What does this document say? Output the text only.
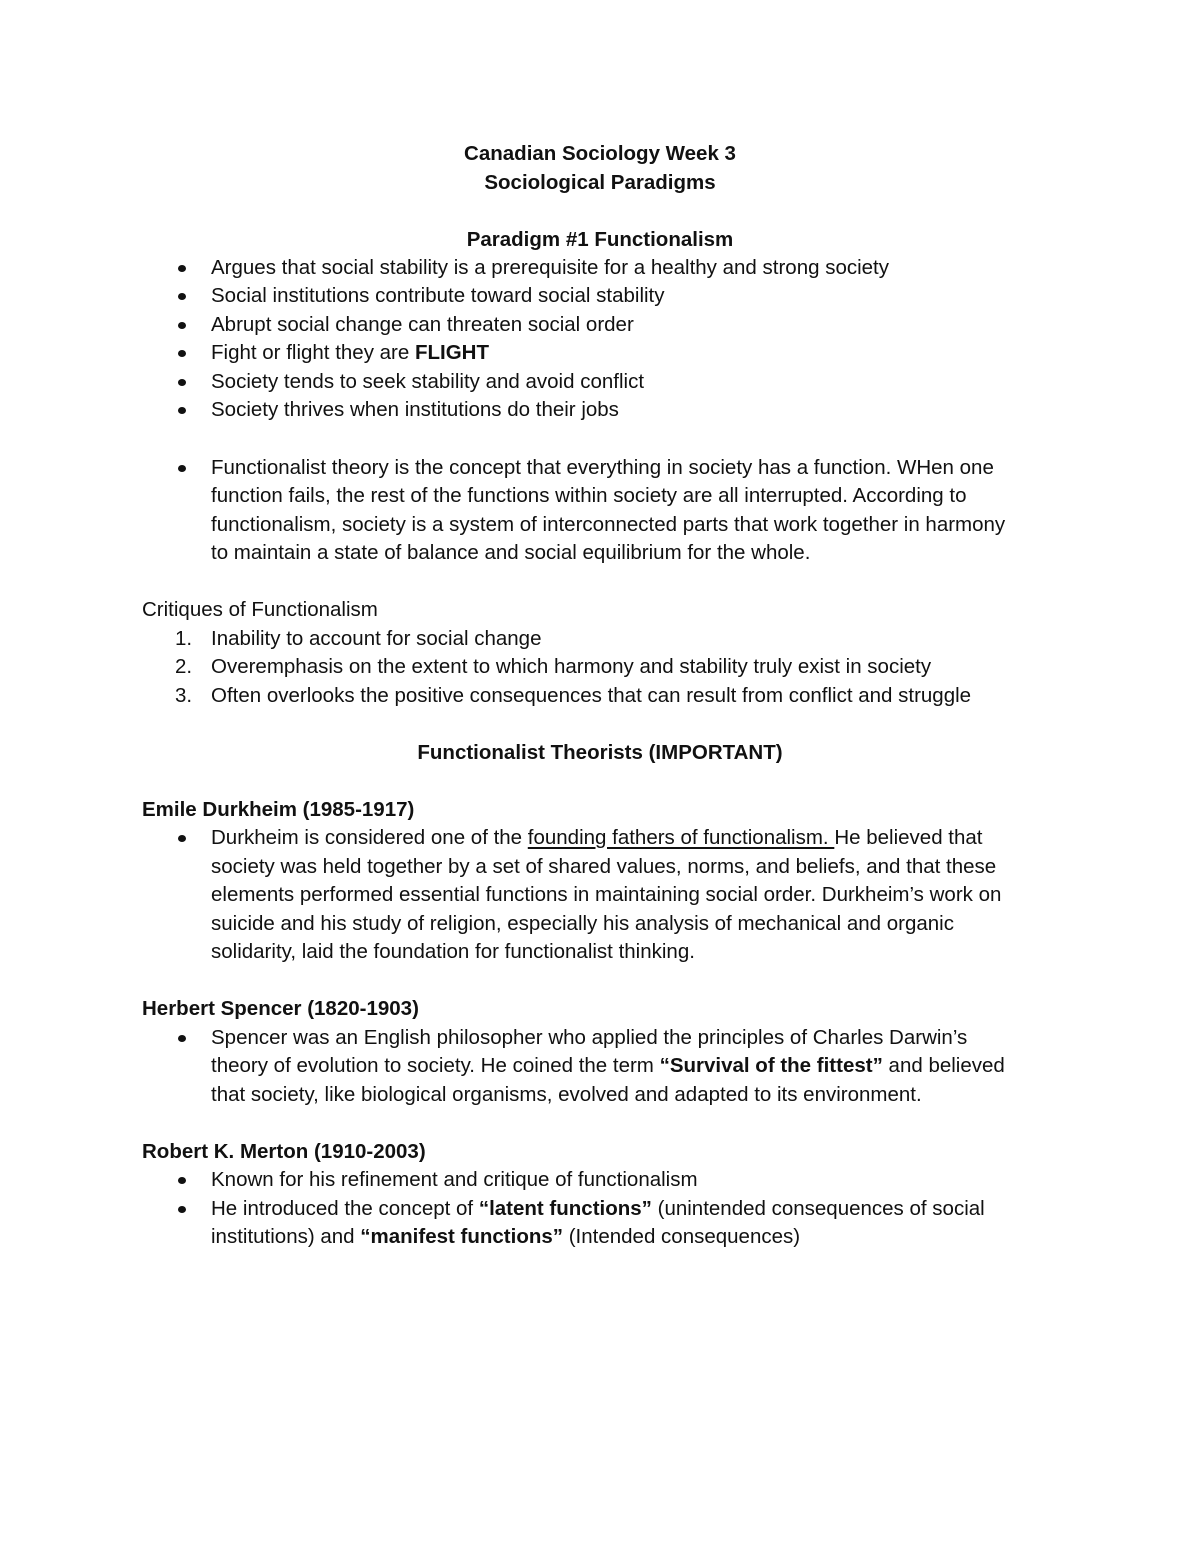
Canadian Sociology Week 3
Sociological Paradigms
Paradigm #1 Functionalism
Argues that social stability is a prerequisite for a healthy and strong society
Social institutions contribute toward social stability
Abrupt social change can threaten social order
Fight or flight they are FLIGHT
Society tends to seek stability and avoid conflict
Society thrives when institutions do their jobs
Functionalist theory is the concept that everything in society has a function. WHen one
function fails, the rest of the functions within society are all interrupted. According to
functionalism, society is a system of interconnected parts that work together in harmony
to maintain a state of balance and social equilibrium for the whole.
Critiques of Functionalism
1. Inability to account for social change
2. Overemphasis on the extent to which harmony and stability truly exist in society
3. Often overlooks the positive consequences that can result from conflict and struggle
Functionalist Theorists (IMPORTANT)
Emile Durkheim (1985-1917)
Durkheim is considered one of the founding fathers of functionalism. He believed that
society was held together by a set of shared values, norms, and beliefs, and that these
elements performed essential functions in maintaining social order. Durkheim’s work on
suicide and his study of religion, especially his analysis of mechanical and organic
solidarity, laid the foundation for functionalist thinking.
Herbert Spencer (1820-1903)
Spencer was an English philosopher who applied the principles of Charles Darwin’s
theory of evolution to society. He coined the term “Survival of the fittest” and believed
that society, like biological organisms, evolved and adapted to its environment.
Robert K. Merton (1910-2003)
Known for his refinement and critique of functionalism
He introduced the concept of “latent functions” (unintended consequences of social
institutions) and “manifest functions” (Intended consequences)
